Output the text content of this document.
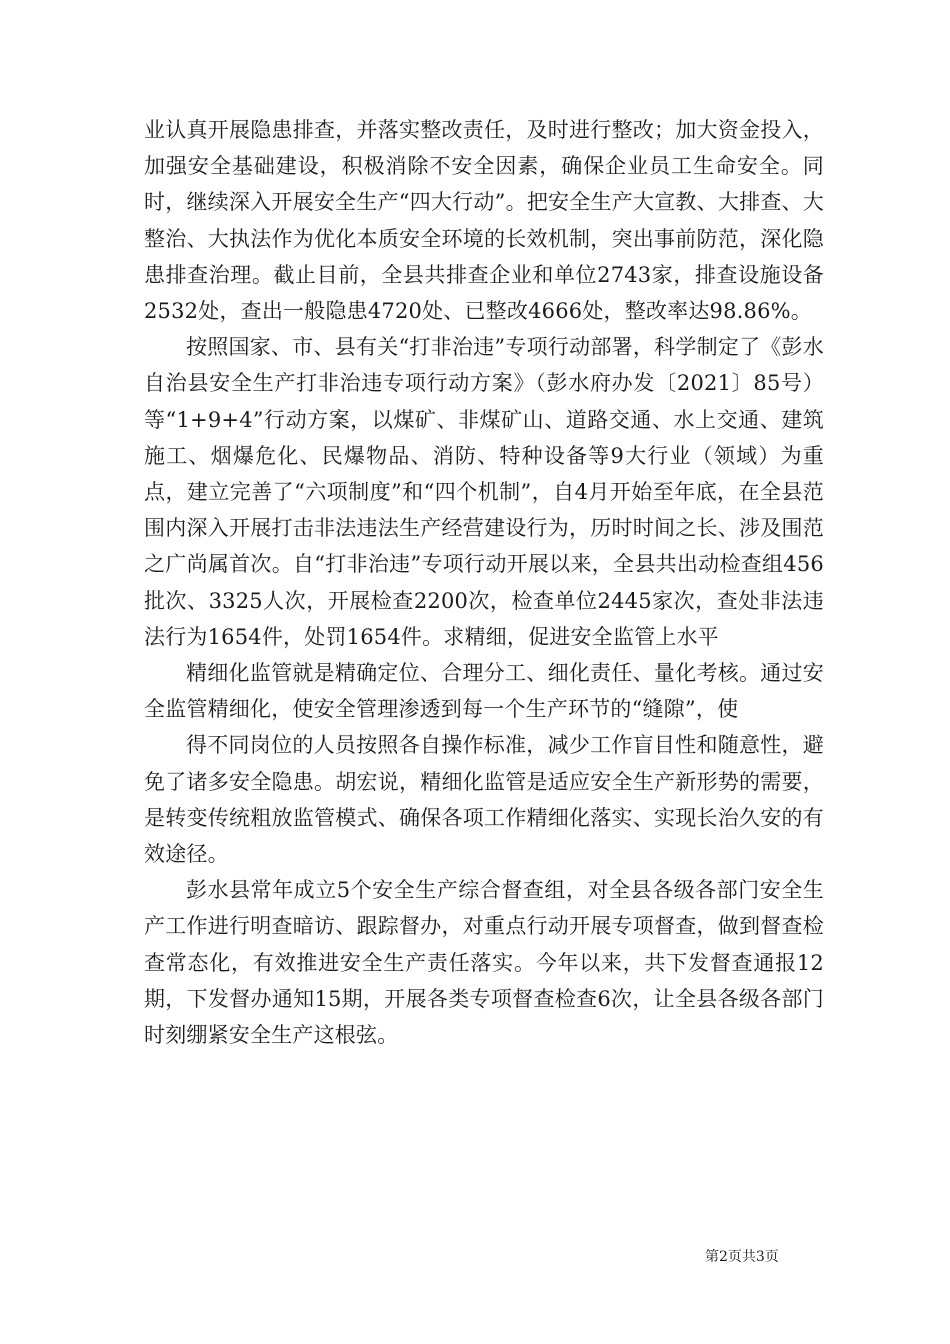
业认真开展隐患排查，并落实整改责任，及时进行整改；加大资金投入，加强安全基础建设，积极消除不安全因素，确保企业员工生命安全。同时，继续深入开展安全生产“四大行动”。把安全生产大宣教、大排查、大整治、大执法作为优化本质安全环境的长效机制，突出事前防范，深化隐患排查治理。截止目前，全县共排查企业和单位2743家，排查设施设备2532处，查出一般隐患4720处、已整改4666处，整改率达98.86%。

按照国家、市、县有关“打非治违”专项行动部署，科学制定了《彭水自治县安全生产打非治违专项行动方案》（彭水府办发〔2021〕85号）等“1+9+4”行动方案，以煤矿、非煤矿山、道路交通、水上交通、建筑施工、烟爆危化、民爆物品、消防、特种设备等9大行业（领域）为重点，建立完善了“六项制度”和“四个机制”，自4月开始至年底，在全县范围内深入开展打击非法违法生产经营建设行为，历时时间之长、涉及围范之广尚属首次。自“打非治违”专项行动开展以来，全县共出动检查组456批次、3325人次，开展检查2200次，检查单位2445家次，查处非法违法行为1654件，处罚1654件。求精细，促进安全监管上水平

精细化监管就是精确定位、合理分工、细化责任、量化考核。通过安全监管精细化，使安全管理渗透到每一个生产环节的“缝隙”，使

得不同岗位的人员按照各自操作标准，减少工作盲目性和随意性，避免了诸多安全隐患。胡宏说，精细化监管是适应安全生产新形势的需要，是转变传统粗放监管模式、确保各项工作精细化落实、实现长治久安的有效途径。

彭水县常年成立5个安全生产综合督查组，对全县各级各部门安全生产工作进行明查暗访、跟踪督办，对重点行动开展专项督查，做到督查检查常态化，有效推进安全生产责任落实。今年以来，共下发督查通报12期，下发督办通知15期，开展各类专项督查检查6次，让全县各级各部门时刻绷紧安全生产这根弦。

第2页共3页
